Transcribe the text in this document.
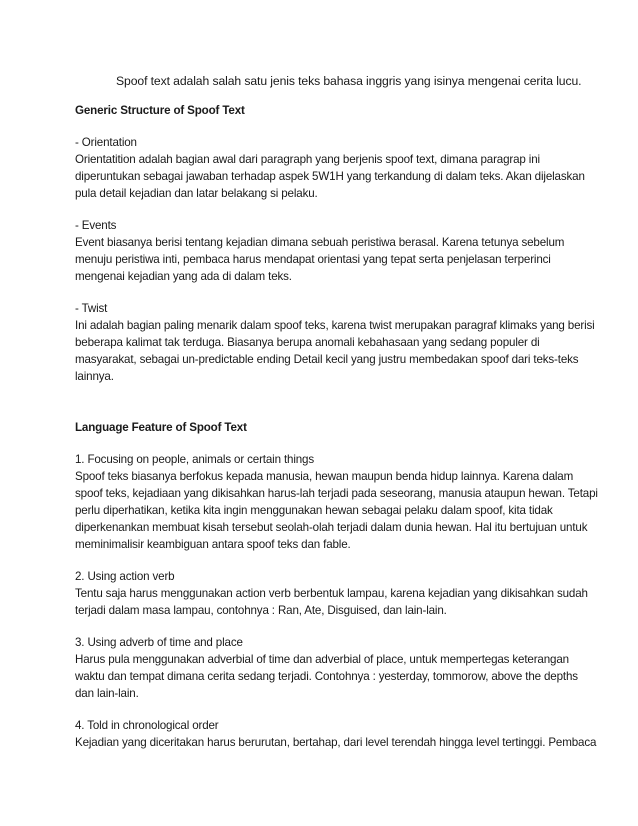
Spoof text adalah salah satu jenis teks bahasa inggris yang isinya mengenai cerita lucu.
Generic Structure of Spoof Text
- Orientation
Orientatition adalah bagian awal dari paragraph yang berjenis spoof text, dimana paragrap ini
diperuntukan sebagai jawaban terhadap aspek 5W1H yang terkandung di dalam teks. Akan dijelaskan
pula detail kejadian dan latar belakang si pelaku.
- Events
Event biasanya berisi tentang kejadian dimana sebuah peristiwa berasal. Karena tetunya sebelum
menuju peristiwa inti, pembaca harus mendapat orientasi yang tepat serta penjelasan terperinci
mengenai kejadian yang ada di dalam teks.
- Twist
Ini adalah bagian paling menarik dalam spoof teks, karena twist merupakan paragraf klimaks yang berisi
beberapa kalimat tak terduga. Biasanya berupa anomali kebahasaan yang sedang populer di
masyarakat, sebagai un-predictable ending Detail kecil yang justru membedakan spoof dari teks-teks
lainnya.
Language Feature of Spoof Text
1. Focusing on people, animals or certain things
Spoof teks biasanya berfokus kepada manusia, hewan maupun benda hidup lainnya. Karena dalam
spoof teks, kejadiaan yang dikisahkan harus-lah terjadi pada seseorang, manusia ataupun hewan. Tetapi
perlu diperhatikan, ketika kita ingin menggunakan hewan sebagai pelaku dalam spoof, kita tidak
diperkenankan membuat kisah tersebut seolah-olah terjadi dalam dunia hewan. Hal itu bertujuan untuk
meminimalisir keambiguan antara spoof teks dan fable.
2. Using action verb
Tentu saja harus menggunakan action verb berbentuk lampau, karena kejadian yang dikisahkan sudah
terjadi dalam masa lampau, contohnya : Ran, Ate, Disguised, dan lain-lain.
3. Using adverb of time and place
Harus pula menggunakan adverbial of time dan adverbial of place, untuk mempertegas keterangan
waktu dan tempat dimana cerita sedang terjadi. Contohnya : yesterday, tommorow, above the depths
dan lain-lain.
4. Told in chronological order
Kejadian yang diceritakan harus berurutan, bertahap, dari level terendah hingga level tertinggi. Pembaca
